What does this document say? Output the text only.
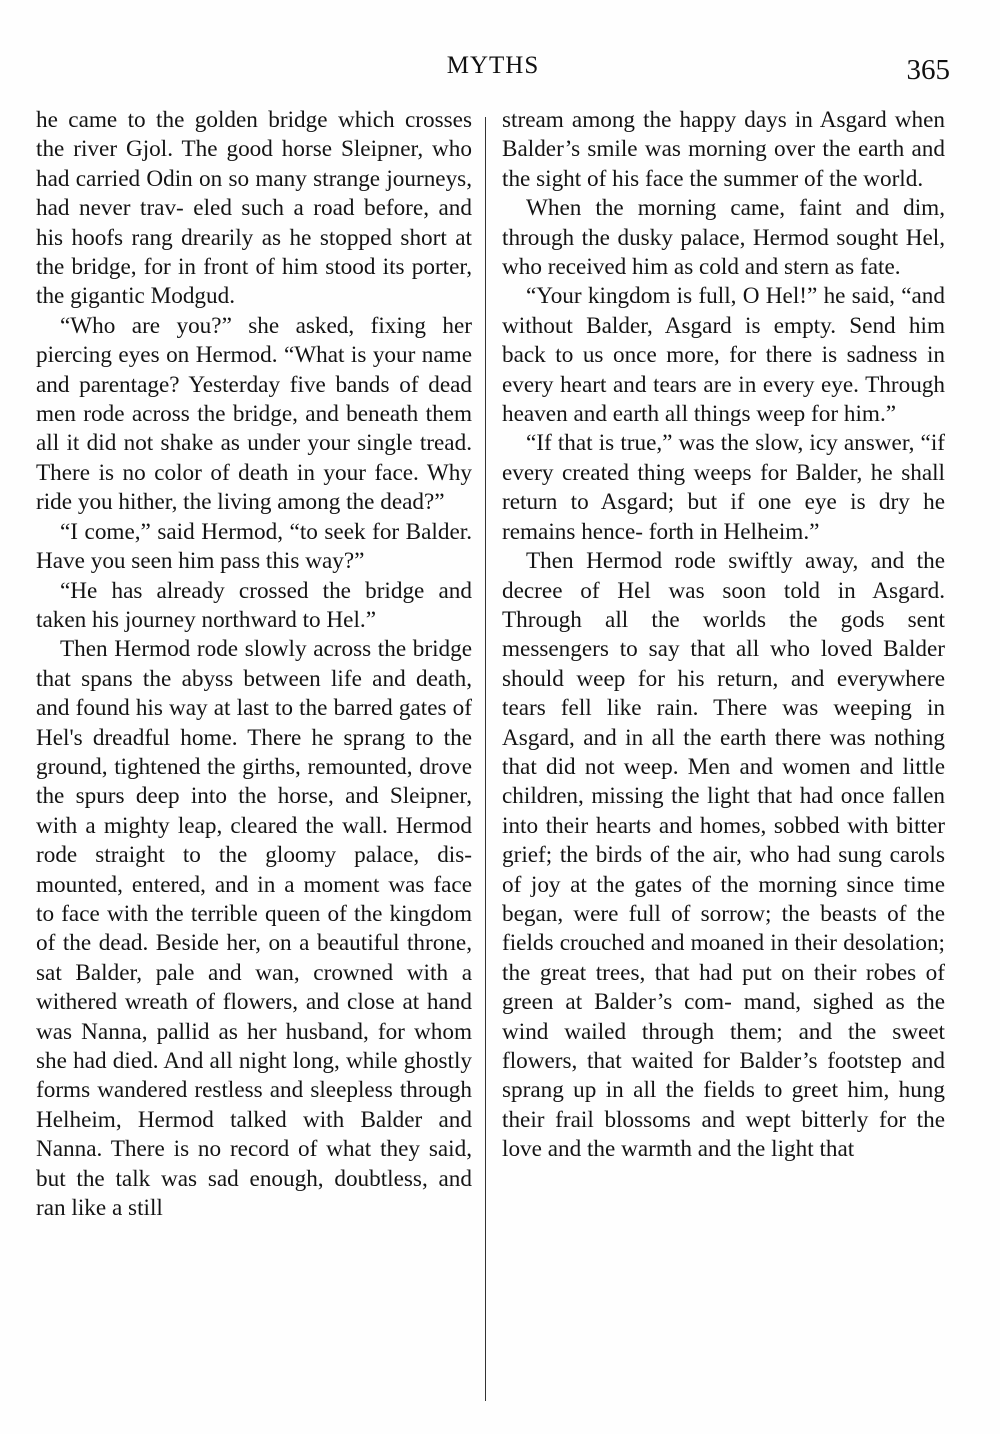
MYTHS	365

he came to the golden bridge which crosses the river Gjol. The good horse Sleipner, who had carried Odin on so many strange journeys, had never trav- eled such a road before, and his hoofs rang drearily as he stopped short at the bridge, for in front of him stood its porter, the gigantic Modgud.

“Who are you?” she asked, fixing her piercing eyes on Hermod. “What is your name and parentage? Yesterday five bands of dead men rode across the bridge, and beneath them all it did not shake as under your single tread. There is no color of death in your face. Why ride you hither, the living among the dead?”

“I come,” said Hermod, “to seek for Balder. Have you seen him pass this way?”

“He has already crossed the bridge and taken his journey northward to Hel.”

Then Hermod rode slowly across the bridge that spans the abyss between life and death, and found his way at last to the barred gates of Hel's dreadful home. There he sprang to the ground, tightened the girths, remounted, drove the spurs deep into the horse, and Sleipner, with a mighty leap, cleared the wall. Hermod rode straight to the gloomy palace, dis- mounted, entered, and in a moment was face to face with the terrible queen of the kingdom of the dead. Beside her, on a beautiful throne, sat Balder, pale and wan, crowned with a withered wreath of flowers, and close at hand was Nanna, pallid as her husband, for whom she had died. And all night long, while ghostly forms wandered restless and sleepless through Helheim, Hermod talked with Balder and Nanna. There is no record of what they said, but the talk was sad enough, doubtless, and ran like a still

stream among the happy days in Asgard when Balder’s smile was morning over the earth and the sight of his face the summer of the world.

When the morning came, faint and dim, through the dusky palace, Hermod sought Hel, who received him as cold and stern as fate.

“Your kingdom is full, O Hel!” he said, “and without Balder, Asgard is empty. Send him back to us once more, for there is sadness in every heart and tears are in every eye. Through heaven and earth all things weep for him.”

“If that is true,” was the slow, icy answer, “if every created thing weeps for Balder, he shall return to Asgard; but if one eye is dry he remains hence- forth in Helheim.”

Then Hermod rode swiftly away, and the decree of Hel was soon told in Asgard. Through all the worlds the gods sent messengers to say that all who loved Balder should weep for his return, and everywhere tears fell like rain. There was weeping in Asgard, and in all the earth there was nothing that did not weep. Men and women and little children, missing the light that had once fallen into their hearts and homes, sobbed with bitter grief; the birds of the air, who had sung carols of joy at the gates of the morning since time began, were full of sorrow; the beasts of the fields crouched and moaned in their desolation; the great trees, that had put on their robes of green at Balder’s com- mand, sighed as the wind wailed through them; and the sweet flowers, that waited for Balder’s footstep and sprang up in all the fields to greet him, hung their frail blossoms and wept bitterly for the love and the warmth and the light that
